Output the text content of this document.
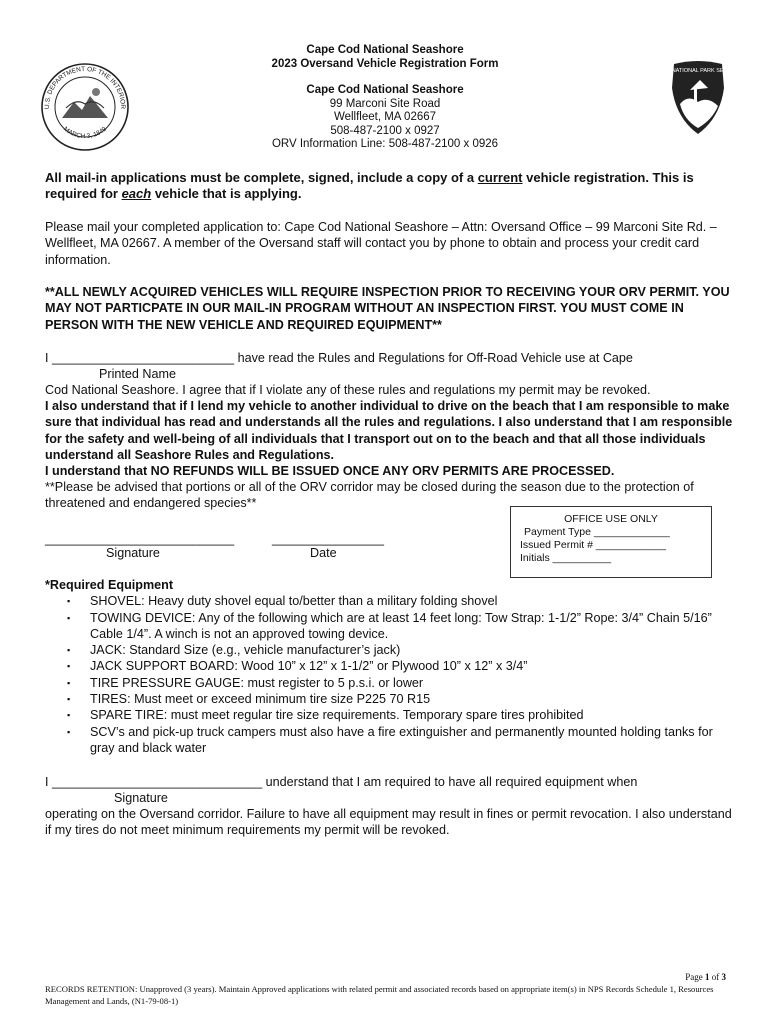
U.S. DEPARTMENT OF THE INTERIOR
MARCH 3, 1849
NATIONAL PARK SERVICE
Cape Cod National Seashore
2023 Oversand Vehicle Registration Form
Cape Cod National Seashore
99 Marconi Site Road
Wellfleet, MA 02667
508-487-2100 x 0927
ORV Information Line: 508-487-2100 x 0926
All mail-in applications must be complete, signed, include a copy of a current vehicle registration. This is required for each vehicle that is applying.
Please mail your completed application to: Cape Cod National Seashore – Attn: Oversand Office – 99 Marconi Site Rd. – Wellfleet, MA 02667. A member of the Oversand staff will contact you by phone to obtain and process your credit card information.
**ALL NEWLY ACQUIRED VEHICLES WILL REQUIRE INSPECTION PRIOR TO RECEIVING YOUR ORV PERMIT. YOU MAY NOT PARTICPATE IN OUR MAIL-IN PROGRAM WITHOUT AN INSPECTION FIRST. YOU MUST COME IN PERSON WITH THE NEW VEHICLE AND REQUIRED EQUIPMENT**
I __________________________ have read the Rules and Regulations for Off-Road Vehicle use at Cape
Printed Name
Cod National Seashore. I agree that if I violate any of these rules and regulations my permit may be revoked.
I also understand that if I lend my vehicle to another individual to drive on the beach that I am responsible to make sure that individual has read and understands all the rules and regulations. I also understand that I am responsible for the safety and well-being of all individuals that I transport out on to the beach and that all those individuals understand all Seashore Rules and Regulations.
I understand that NO REFUNDS WILL BE ISSUED ONCE ANY ORV PERMITS ARE PROCESSED.
**Please be advised that portions or all of the ORV corridor may be closed during the season due to the protection of threatened and endangered species**
___________________________	________________
Signature	Date
OFFICE USE ONLY
Payment Type _____________
Issued Permit # ____________
Initials __________
*Required Equipment
▪ SHOVEL: Heavy duty shovel equal to/better than a military folding shovel
▪ TOWING DEVICE: Any of the following which are at least 14 feet long: Tow Strap: 1-1/2” Rope: 3/4” Chain 5/16” Cable 1/4”. A winch is not an approved towing device.
▪ JACK: Standard Size (e.g., vehicle manufacturer’s jack)
▪ JACK SUPPORT BOARD: Wood 10” x 12” x 1-1/2” or Plywood 10” x 12” x 3/4”
▪ TIRE PRESSURE GAUGE: must register to 5 p.s.i. or lower
▪ TIRES: Must meet or exceed minimum tire size P225 70 R15
▪ SPARE TIRE: must meet regular tire size requirements. Temporary spare tires prohibited
▪ SCV’s and pick-up truck campers must also have a fire extinguisher and permanently mounted holding tanks for gray and black water
I ______________________________ understand that I am required to have all required equipment when
Signature
operating on the Oversand corridor. Failure to have all equipment may result in fines or permit revocation. I also understand if my tires do not meet minimum requirements my permit will be revoked.
Page 1 of 3
RECORDS RETENTION: Unapproved (3 years). Maintain Approved applications with related permit and associated records based on appropriate item(s) in NPS Records Schedule 1, Resources Management and Lands, (N1-79-08-1)
